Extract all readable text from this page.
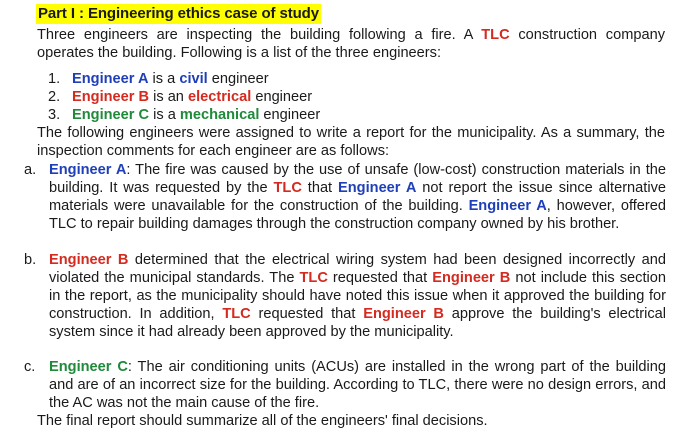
Part I : Engineering ethics case of study

Three engineers are inspecting the building following a fire. A TLC construction company operates the building. Following is a list of the three engineers:

1. Engineer A is a civil engineer

2. Engineer B is an electrical engineer

3. Engineer C is a mechanical engineer

The following engineers were assigned to write a report for the municipality. As a summary, the inspection comments for each engineer are as follows:

a. Engineer A: The fire was caused by the use of unsafe (low-cost) construction materials in the building. It was requested by the TLC that Engineer A not report the issue since alternative materials were unavailable for the construction of the building. Engineer A, however, offered TLC to repair building damages through the construction company owned by his brother.
b. Engineer B determined that the electrical wiring system had been designed incorrectly and violated the municipal standards. The TLC requested that Engineer B not include this section in the report, as the municipality should have noted this issue when it approved the building for construction. In addition, TLC requested that Engineer B approve the building's electrical system since it had already been approved by the municipality.
c. Engineer C: The air conditioning units (ACUs) are installed in the wrong part of the building and are of an incorrect size for the building. According to TLC, there were no design errors, and the AC was not the main cause of the fire.

The final report should summarize all of the engineers' final decisions.
